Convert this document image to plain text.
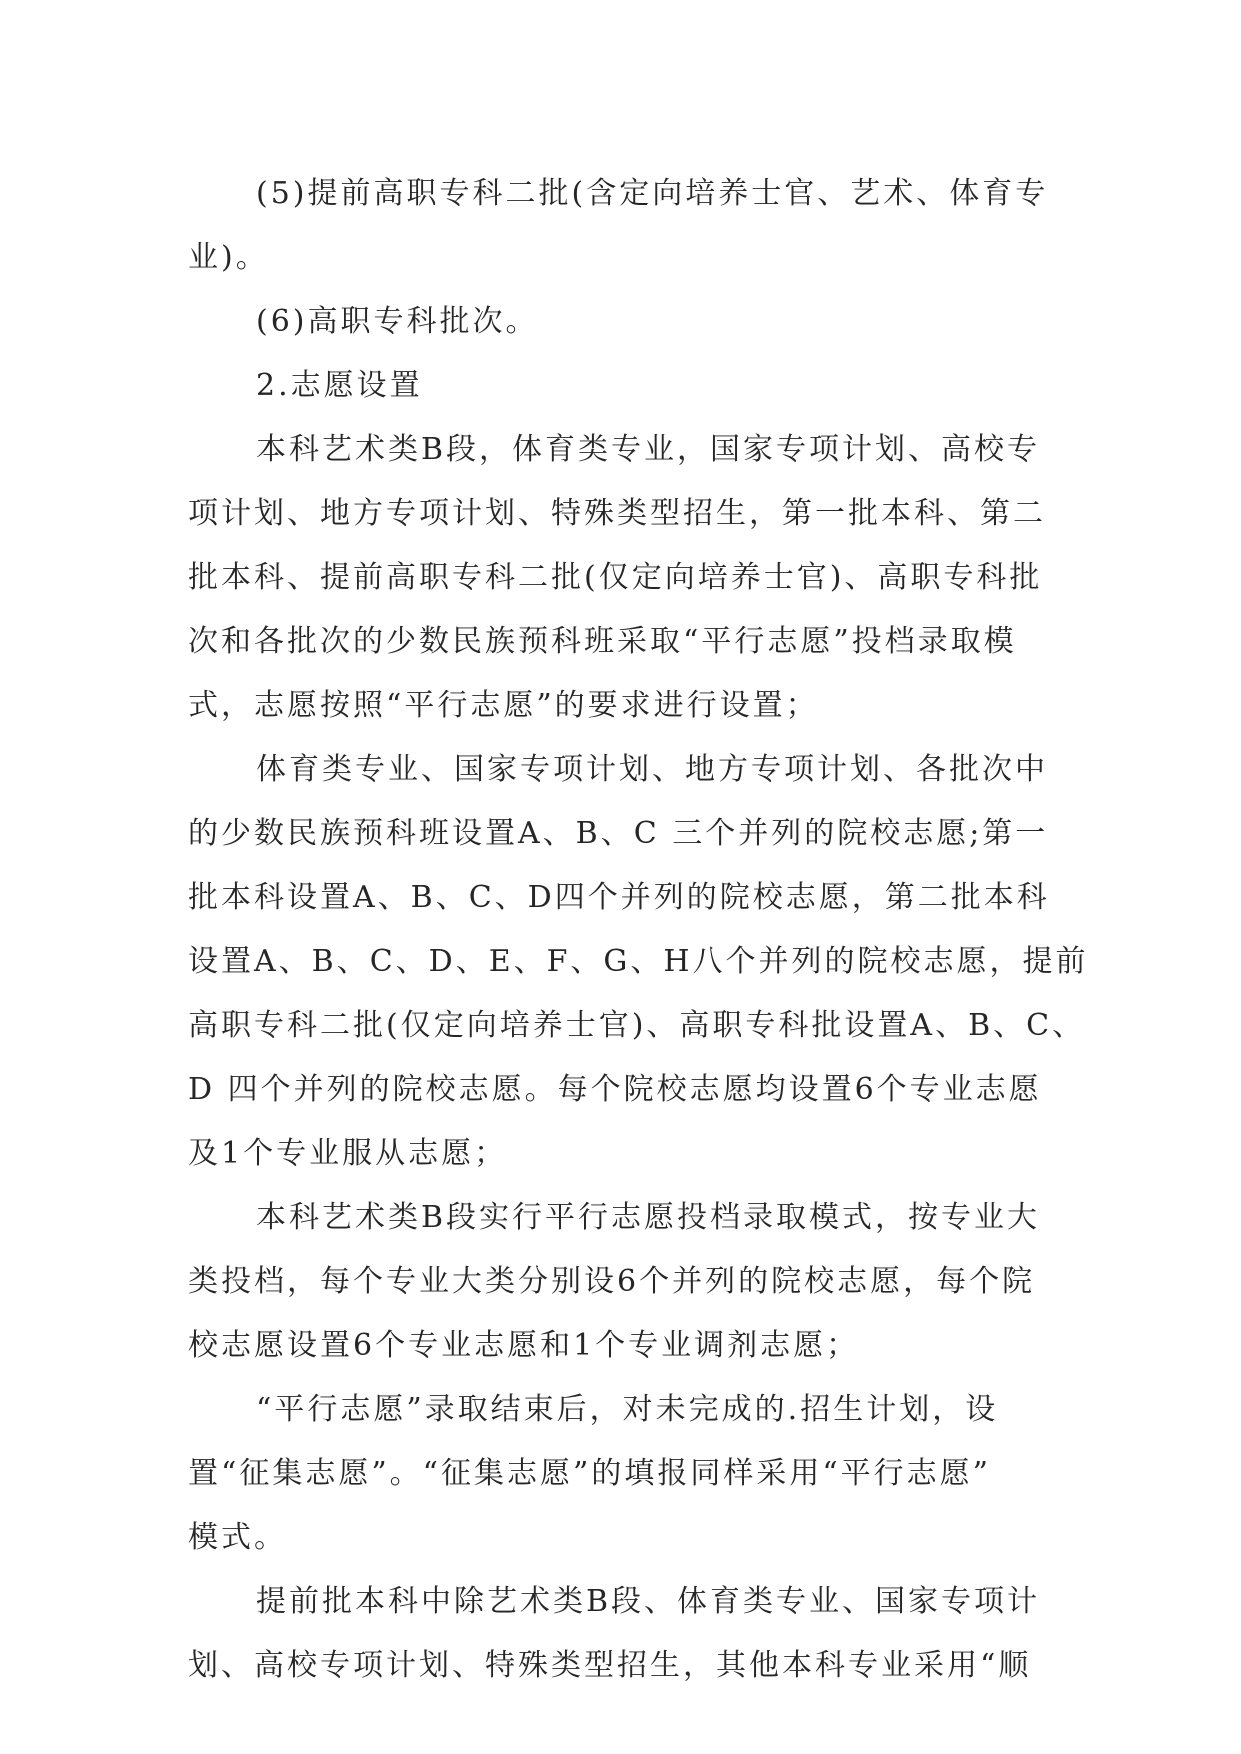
(5)提前高职专科二批(含定向培养士官、艺术、体育专
业)。
(6)高职专科批次。
2.志愿设置
本科艺术类B段，体育类专业，国家专项计划、高校专
项计划、地方专项计划、特殊类型招生，第一批本科、第二
批本科、提前高职专科二批(仅定向培养士官)、高职专科批
次和各批次的少数民族预科班采取“平行志愿”投档录取模
式，志愿按照“平行志愿”的要求进行设置；
体育类专业、国家专项计划、地方专项计划、各批次中
的少数民族预科班设置A、B、C 三个并列的院校志愿;第一
批本科设置A、B、C、D四个并列的院校志愿，第二批本科
设置A、B、C、D、E、F、G、H八个并列的院校志愿，提前
高职专科二批(仅定向培养士官)、高职专科批设置A、B、C、
D 四个并列的院校志愿。每个院校志愿均设置6个专业志愿
及1个专业服从志愿；
本科艺术类B段实行平行志愿投档录取模式，按专业大
类投档，每个专业大类分别设6个并列的院校志愿，每个院
校志愿设置6个专业志愿和1个专业调剂志愿；
“平行志愿”录取结束后，对未完成的.招生计划，设
置“征集志愿”。“征集志愿”的填报同样采用“平行志愿”
模式。
提前批本科中除艺术类B段、体育类专业、国家专项计
划、高校专项计划、特殊类型招生，其他本科专业采用“顺
